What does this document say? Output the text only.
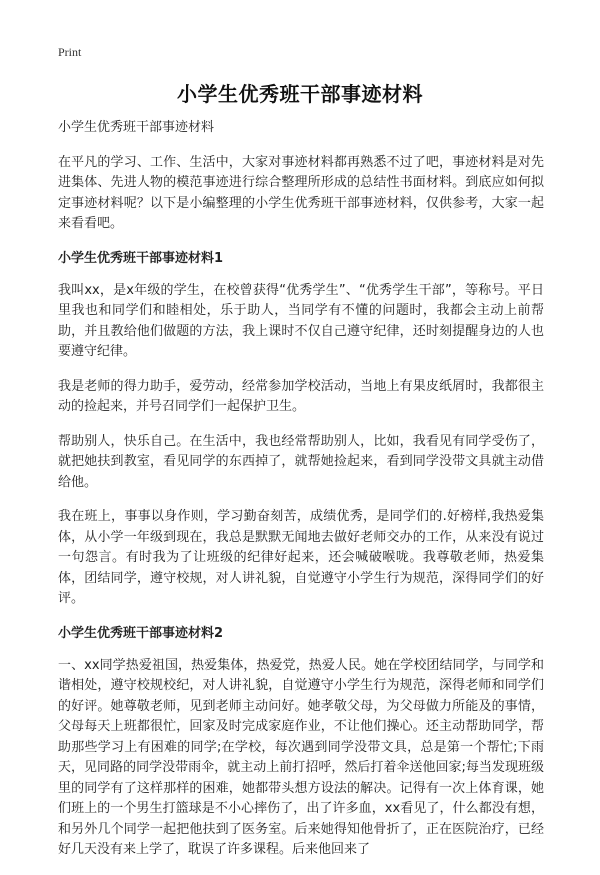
Print
小学生优秀班干部事迹材料

小学生优秀班干部事迹材料

在平凡的学习、工作、生活中，大家对事迹材料都再熟悉不过了吧，事迹材料是对先进集体、先进人物的模范事迹进行综合整理所形成的总结性书面材料。到底应如何拟定事迹材料呢？以下是小编整理的小学生优秀班干部事迹材料，仅供参考，大家一起来看看吧。

小学生优秀班干部事迹材料1

我叫xx，是x年级的学生，在校曾获得“优秀学生”、“优秀学生干部”，等称号。平日里我也和同学们和睦相处，乐于助人，当同学有不懂的问题时，我都会主动上前帮助，并且教给他们做题的方法，我上课时不仅自己遵守纪律，还时刻提醒身边的人也要遵守纪律。

我是老师的得力助手，爱劳动，经常参加学校活动，当地上有果皮纸屑时，我都很主动的捡起来，并号召同学们一起保护卫生。

帮助别人，快乐自己。在生活中，我也经常帮助别人，比如，我看见有同学受伤了，就把她扶到教室，看见同学的东西掉了，就帮她捡起来，看到同学没带文具就主动借给他。

我在班上，事事以身作则，学习勤奋刻苦，成绩优秀，是同学们的.好榜样,我热爱集体，从小学一年级到现在，我总是默默无闻地去做好老师交办的工作，从来没有说过一句怨言。有时我为了让班级的纪律好起来，还会喊破喉咙。我尊敬老师，热爱集体，团结同学，遵守校规，对人讲礼貌，自觉遵守小学生行为规范，深得同学们的好评。

小学生优秀班干部事迹材料2

一、xx同学热爱祖国，热爱集体，热爱党，热爱人民。她在学校团结同学，与同学和谐相处，遵守校规校纪，对人讲礼貌，自觉遵守小学生行为规范，深得老师和同学们的好评。她尊敬老师，见到老师主动问好。她孝敬父母，为父母做力所能及的事情，父母每天上班都很忙，回家及时完成家庭作业，不让他们操心。还主动帮助同学，帮助那些学习上有困难的同学;在学校，每次遇到同学没带文具，总是第一个帮忙;下雨天，见同路的同学没带雨伞，就主动上前打招呼，然后打着伞送他回家;每当发现班级里的同学有了这样那样的困难，她都带头想方设法的解决。记得有一次上体育课，她们班上的一个男生打篮球是不小心摔伤了，出了许多血，xx看见了，什么都没有想，和另外几个同学一起把他扶到了医务室。后来她得知他骨折了，正在医院治疗，已经好几天没有来上学了，耽误了许多课程。后来他回来了
